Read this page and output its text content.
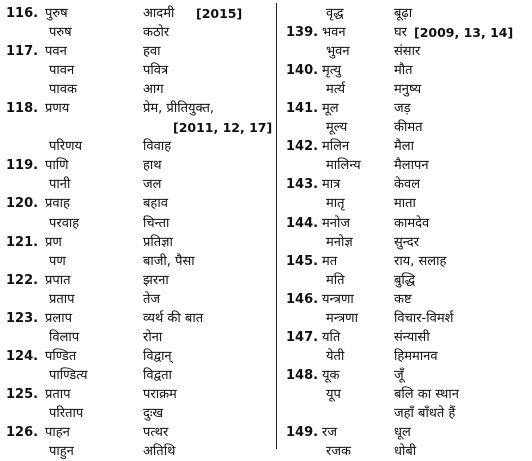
116. पुरुष	आदमी [2015]
परुष	कठोर
117. पवन	हवा
पावन	पवित्र
पावक	आग
118. प्रणय	प्रेम, प्रीतियुक्त,
[2011, 12, 17]
परिणय	विवाह
119. पाणि	हाथ
पानी	जल
120. प्रवाह	बहाव
परवाह	चिन्ता
121. प्रण	प्रतिज्ञा
पण	बाजी, पैसा
122. प्रपात	झरना
प्रताप	तेज
123. प्रलाप	व्यर्थ की बात
विलाप	रोना
124. पण्डित	विद्वान्
पाण्डित्य	विद्वता
125. प्रताप	पराक्रम
परिताप	दुःख
126. पाहन	पत्थर
पाहुन	अतिथि
वृद्ध	बूढ़ा
139. भवन	घर [2009, 13, 14]
भुवन	संसार
140. मृत्यु	मौत
मर्त्य	मनुष्य
141. मूल	जड़
मूल्य	कीमत
142. मलिन	मैला
मालिन्य	मैलापन
143. मात्र	केवल
मातृ	माता
144. मनोज	कामदेव
मनोज्ञ	सुन्दर
145. मत	राय, सलाह
मति	बुद्धि
146. यन्त्रणा	कष्ट
मन्त्रणा	विचार-विमर्श
147. यति	संन्यासी
येती	हिममानव
148. यूक	जूँ
यूप	बलि का स्थान
जहाँ बाँधते हैं
149. रज	धूल
रजक	धोबी
